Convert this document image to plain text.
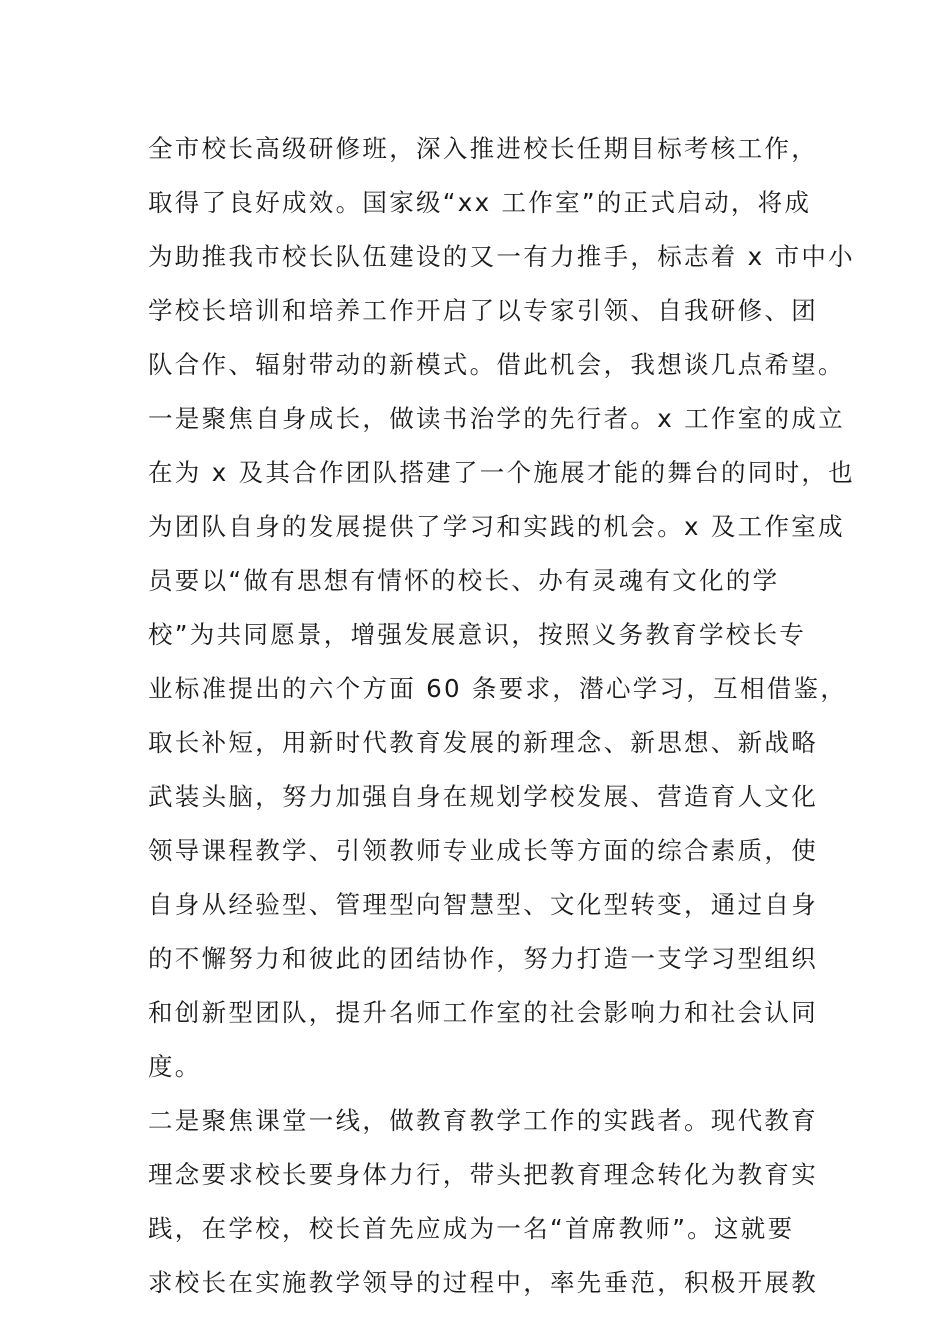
全市校长高级研修班，深入推进校长任期目标考核工作，
取得了良好成效。国家级“xx 工作室”的正式启动，将成
为助推我市校长队伍建设的又一有力推手，标志着 x 市中小
学校长培训和培养工作开启了以专家引领、自我研修、团
队合作、辐射带动的新模式。借此机会，我想谈几点希望。
一是聚焦自身成长，做读书治学的先行者。x 工作室的成立
在为 x 及其合作团队搭建了一个施展才能的舞台的同时，也
为团队自身的发展提供了学习和实践的机会。x 及工作室成
员要以“做有思想有情怀的校长、办有灵魂有文化的学
校”为共同愿景，增强发展意识，按照义务教育学校长专
业标准提出的六个方面 60 条要求，潜心学习，互相借鉴，
取长补短，用新时代教育发展的新理念、新思想、新战略
武装头脑，努力加强自身在规划学校发展、营造育人文化
领导课程教学、引领教师专业成长等方面的综合素质，使
自身从经验型、管理型向智慧型、文化型转变，通过自身
的不懈努力和彼此的团结协作，努力打造一支学习型组织
和创新型团队，提升名师工作室的社会影响力和社会认同
度。
二是聚焦课堂一线，做教育教学工作的实践者。现代教育
理念要求校长要身体力行，带头把教育理念转化为教育实
践，在学校，校长首先应成为一名“首席教师”。这就要
求校长在实施教学领导的过程中，率先垂范，积极开展教
